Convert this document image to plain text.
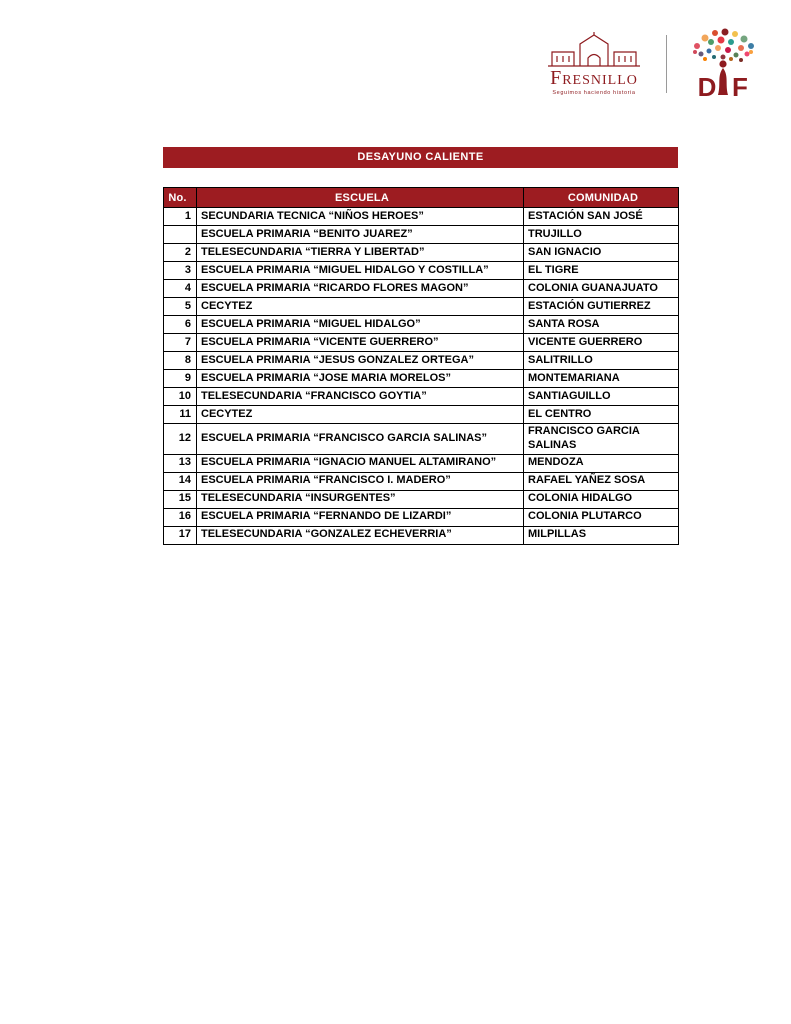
Fresnillo
Seguimos haciendo historia D F
DESAYUNO CALIENTE
No.	ESCUELA	COMUNIDAD
1	SECUNDARIA TECNICA “NIÑOS HEROES”	ESTACIÓN SAN JOSÉ
	ESCUELA PRIMARIA “BENITO JUAREZ”	TRUJILLO
2	TELESECUNDARIA “TIERRA Y LIBERTAD”	SAN IGNACIO
3	ESCUELA PRIMARIA “MIGUEL HIDALGO Y COSTILLA”	EL TIGRE
4	ESCUELA PRIMARIA “RICARDO FLORES MAGON”	COLONIA GUANAJUATO
5	CECYTEZ	ESTACIÓN GUTIERREZ
6	ESCUELA PRIMARIA “MIGUEL HIDALGO”	SANTA ROSA
7	ESCUELA PRIMARIA “VICENTE GUERRERO”	VICENTE GUERRERO
8	ESCUELA PRIMARIA “JESUS GONZALEZ ORTEGA”	SALITRILLO
9	ESCUELA PRIMARIA “JOSE MARIA MORELOS”	MONTEMARIANA
10	TELESECUNDARIA “FRANCISCO GOYTIA”	SANTIAGUILLO
11	CECYTEZ	EL CENTRO
12	ESCUELA PRIMARIA “FRANCISCO GARCIA SALINAS”	FRANCISCO GARCIA SALINAS
13	ESCUELA PRIMARIA “IGNACIO MANUEL ALTAMIRANO”	MENDOZA
14	ESCUELA PRIMARIA “FRANCISCO I. MADERO”	RAFAEL YAÑEZ SOSA
15	TELESECUNDARIA “INSURGENTES”	COLONIA HIDALGO
16	ESCUELA PRIMARIA “FERNANDO DE LIZARDI”	COLONIA PLUTARCO
17	TELESECUNDARIA “GONZALEZ ECHEVERRIA”	MILPILLAS
